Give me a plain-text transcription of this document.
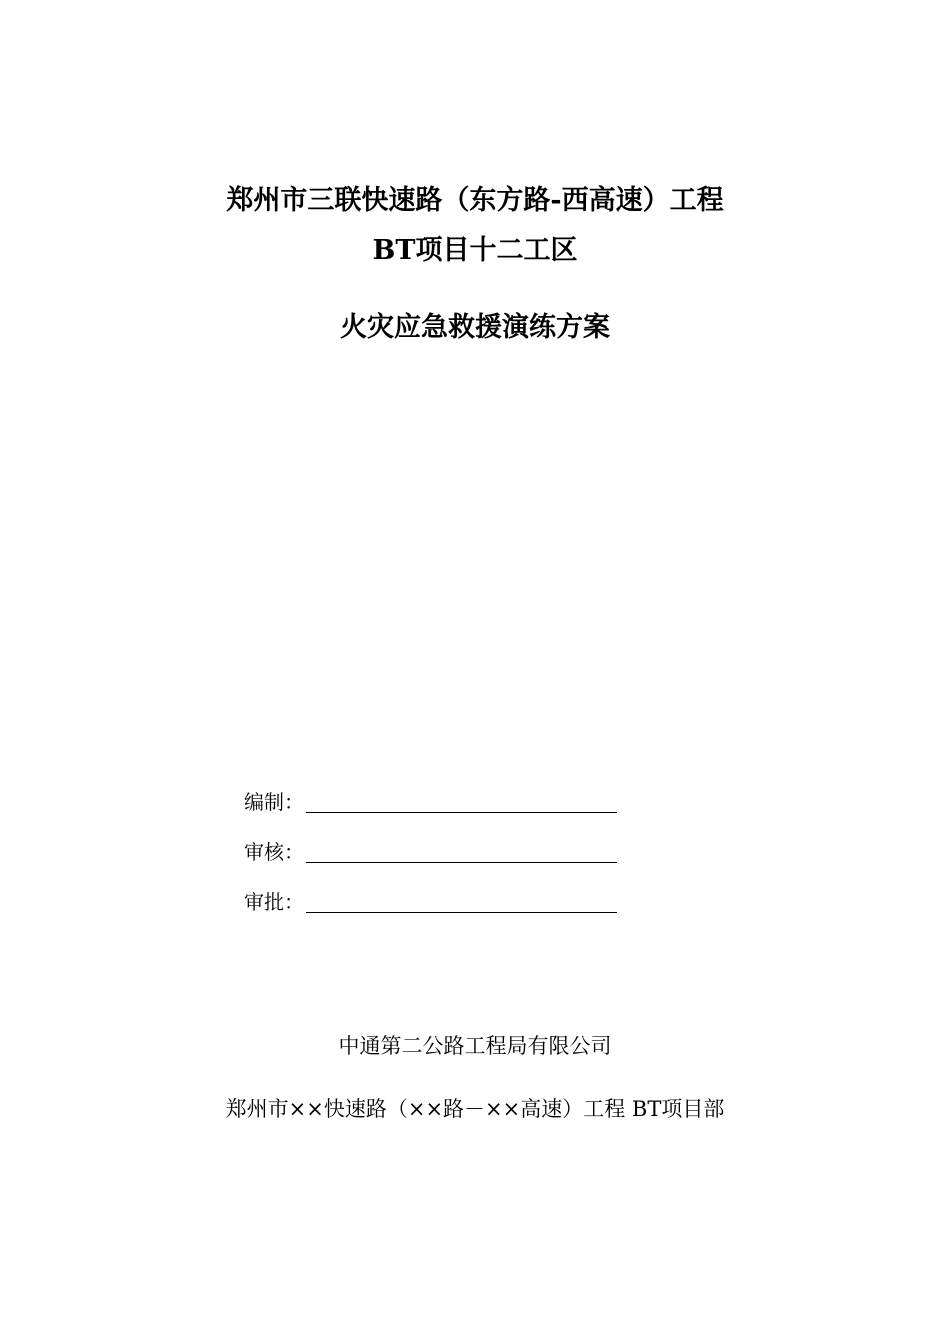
郑州市三联快速路（东方路-西高速）工程
BT项目十二工区
火灾应急救援演练方案
编制：
审核：
审批：
中通第二公路工程局有限公司
郑州市××快速路（××路－××高速）工程 BT项目部
